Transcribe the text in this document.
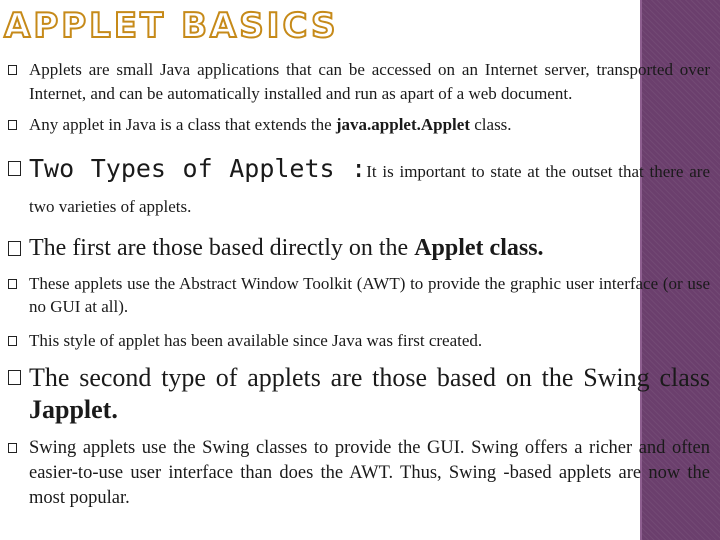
APPLET BASICS
Applets are small Java applications that can be accessed on an Internet server, transported over Internet, and can be automatically installed and run as apart of a web document.
Any applet in Java is a class that extends the java.applet.Applet class.
Two Types of Applets :It is important to state at the outset that there are two varieties of applets.
The first are those based directly on the Applet class.
These applets use the Abstract Window Toolkit (AWT) to provide the graphic user interface (or use no GUI at all).
This style of applet has been available since Java was first created.
The second type of applets are those based on the Swing class Japplet.
Swing applets use the Swing classes to provide the GUI. Swing offers a richer and often easier-to-use user interface than does the AWT. Thus, Swing -based applets are now the most popular.
